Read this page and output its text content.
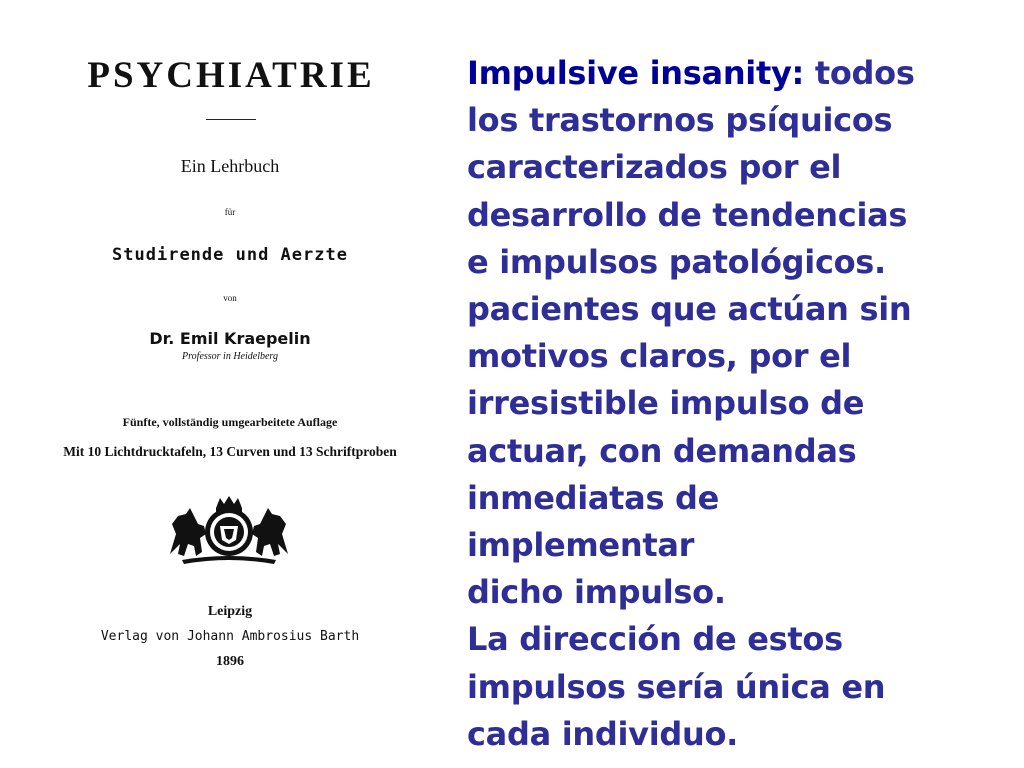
PSYCHIATRIE
Ein Lehrbuch
für
Studirende und Aerzte
von
Dr. Emil Kraepelin
Professor in Heidelberg
Fünfte, vollständig umgearbeitete Auflage
Mit 10 Lichtdrucktafeln, 13 Curven und 13 Schriftproben
Leipzig
Verlag von Johann Ambrosius Barth
1896
Impulsive insanity: todos
los trastornos psíquicos
caracterizados por el
desarrollo de tendencias
e impulsos patológicos.
pacientes que actúan sin
motivos claros, por el
irresistible impulso de
actuar, con demandas
inmediatas de
implementar
dicho impulso.
La dirección de estos
impulsos sería única en
cada individuo.
